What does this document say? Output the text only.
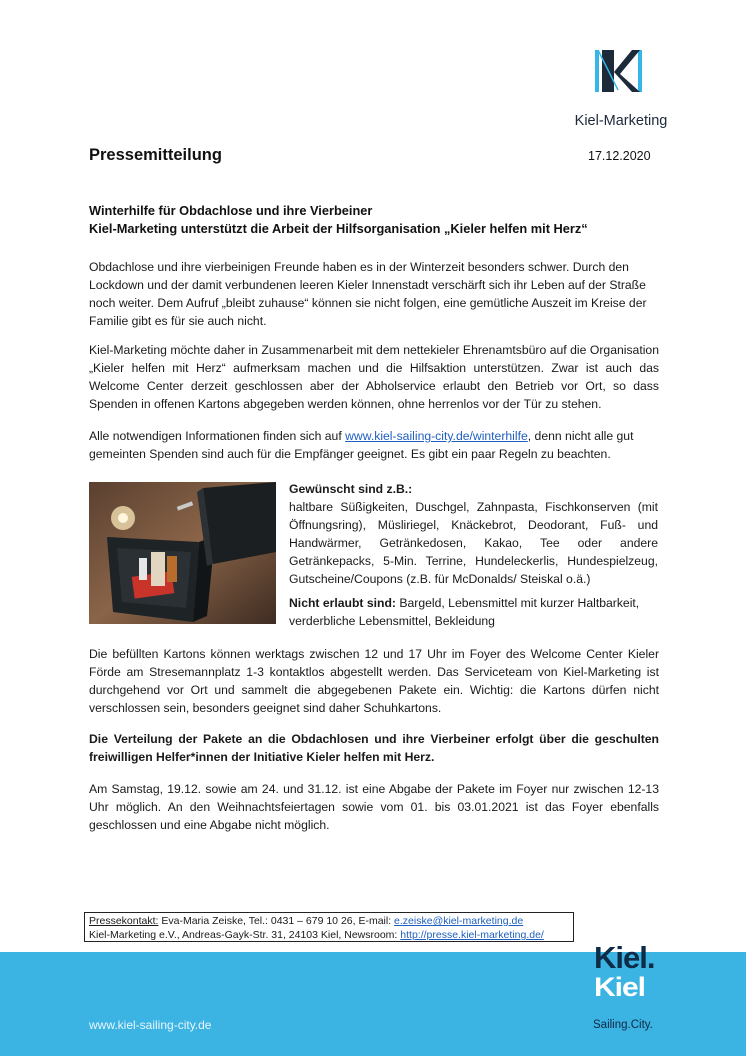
Kiel-Marketing
Pressemitteilung	17.12.2020
Winterhilfe für Obdachlose und ihre Vierbeiner
Kiel-Marketing unterstützt die Arbeit der Hilfsorganisation „Kieler helfen mit Herz“

Obdachlose und ihre vierbeinigen Freunde haben es in der Winterzeit besonders schwer. Durch den Lockdown und der damit verbundenen leeren Kieler Innenstadt verschärft sich ihr Leben auf der Straße noch weiter. Dem Aufruf „bleibt zuhause“ können sie nicht folgen, eine gemütliche Auszeit im Kreise der Familie gibt es für sie auch nicht.

Kiel-Marketing möchte daher in Zusammenarbeit mit dem nettekieler Ehrenamtsbüro auf die Organisation „Kieler helfen mit Herz“ aufmerksam machen und die Hilfsaktion unterstützen. Zwar ist auch das Welcome Center derzeit geschlossen aber der Abholservice erlaubt den Betrieb vor Ort, so dass Spenden in offenen Kartons abgegeben werden können, ohne herrenlos vor der Tür zu stehen.

Alle notwendigen Informationen finden sich auf www.kiel-sailing-city.de/winterhilfe, denn nicht alle gut gemeinten Spenden sind auch für die Empfänger geeignet. Es gibt ein paar Regeln zu beachten.

Gewünscht sind z.B.:

haltbare Süßigkeiten, Duschgel, Zahnpasta, Fischkonserven (mit Öffnungsring), Müsliriegel, Knäckebrot, Deodorant, Fuß- und Handwärmer, Getränkedosen, Kakao, Tee oder andere Getränkepacks, 5-Min. Terrine, Hundeleckerlis, Hundespielzeug, Gutscheine/Coupons (z.B. für McDonalds/ Steiskal o.ä.)

Nicht erlaubt sind: Bargeld, Lebensmittel mit kurzer Haltbarkeit, verderbliche Lebensmittel, Bekleidung

Die befüllten Kartons können werktags zwischen 12 und 17 Uhr im Foyer des Welcome Center Kieler Förde am Stresemannplatz 1-3 kontaktlos abgestellt werden. Das Serviceteam von Kiel-Marketing ist durchgehend vor Ort und sammelt die abgegebenen Pakete ein. Wichtig: die Kartons dürfen nicht verschlossen sein, besonders geeignet sind daher Schuhkartons.

Die Verteilung der Pakete an die Obdachlosen und ihre Vierbeiner erfolgt über die geschulten freiwilligen Helfer*innen der Initiative Kieler helfen mit Herz.

Am Samstag, 19.12. sowie am 24. und 31.12. ist eine Abgabe der Pakete im Foyer nur zwischen 12-13 Uhr möglich. An den Weihnachtsfeiertagen sowie vom 01. bis 03.01.2021 ist das Foyer ebenfalls geschlossen und eine Abgabe nicht möglich.

Pressekontakt: Eva-Maria Zeiske, Tel.: 0431 – 679 10 26, E-mail: e.zeiske@kiel-marketing.de
Kiel-Marketing e.V., Andreas-Gayk-Str. 31, 24103 Kiel, Newsroom: http://presse.kiel-marketing.de/
www.kiel-sailing-city.de	Sailing.City.
Kiel.
Kiel
